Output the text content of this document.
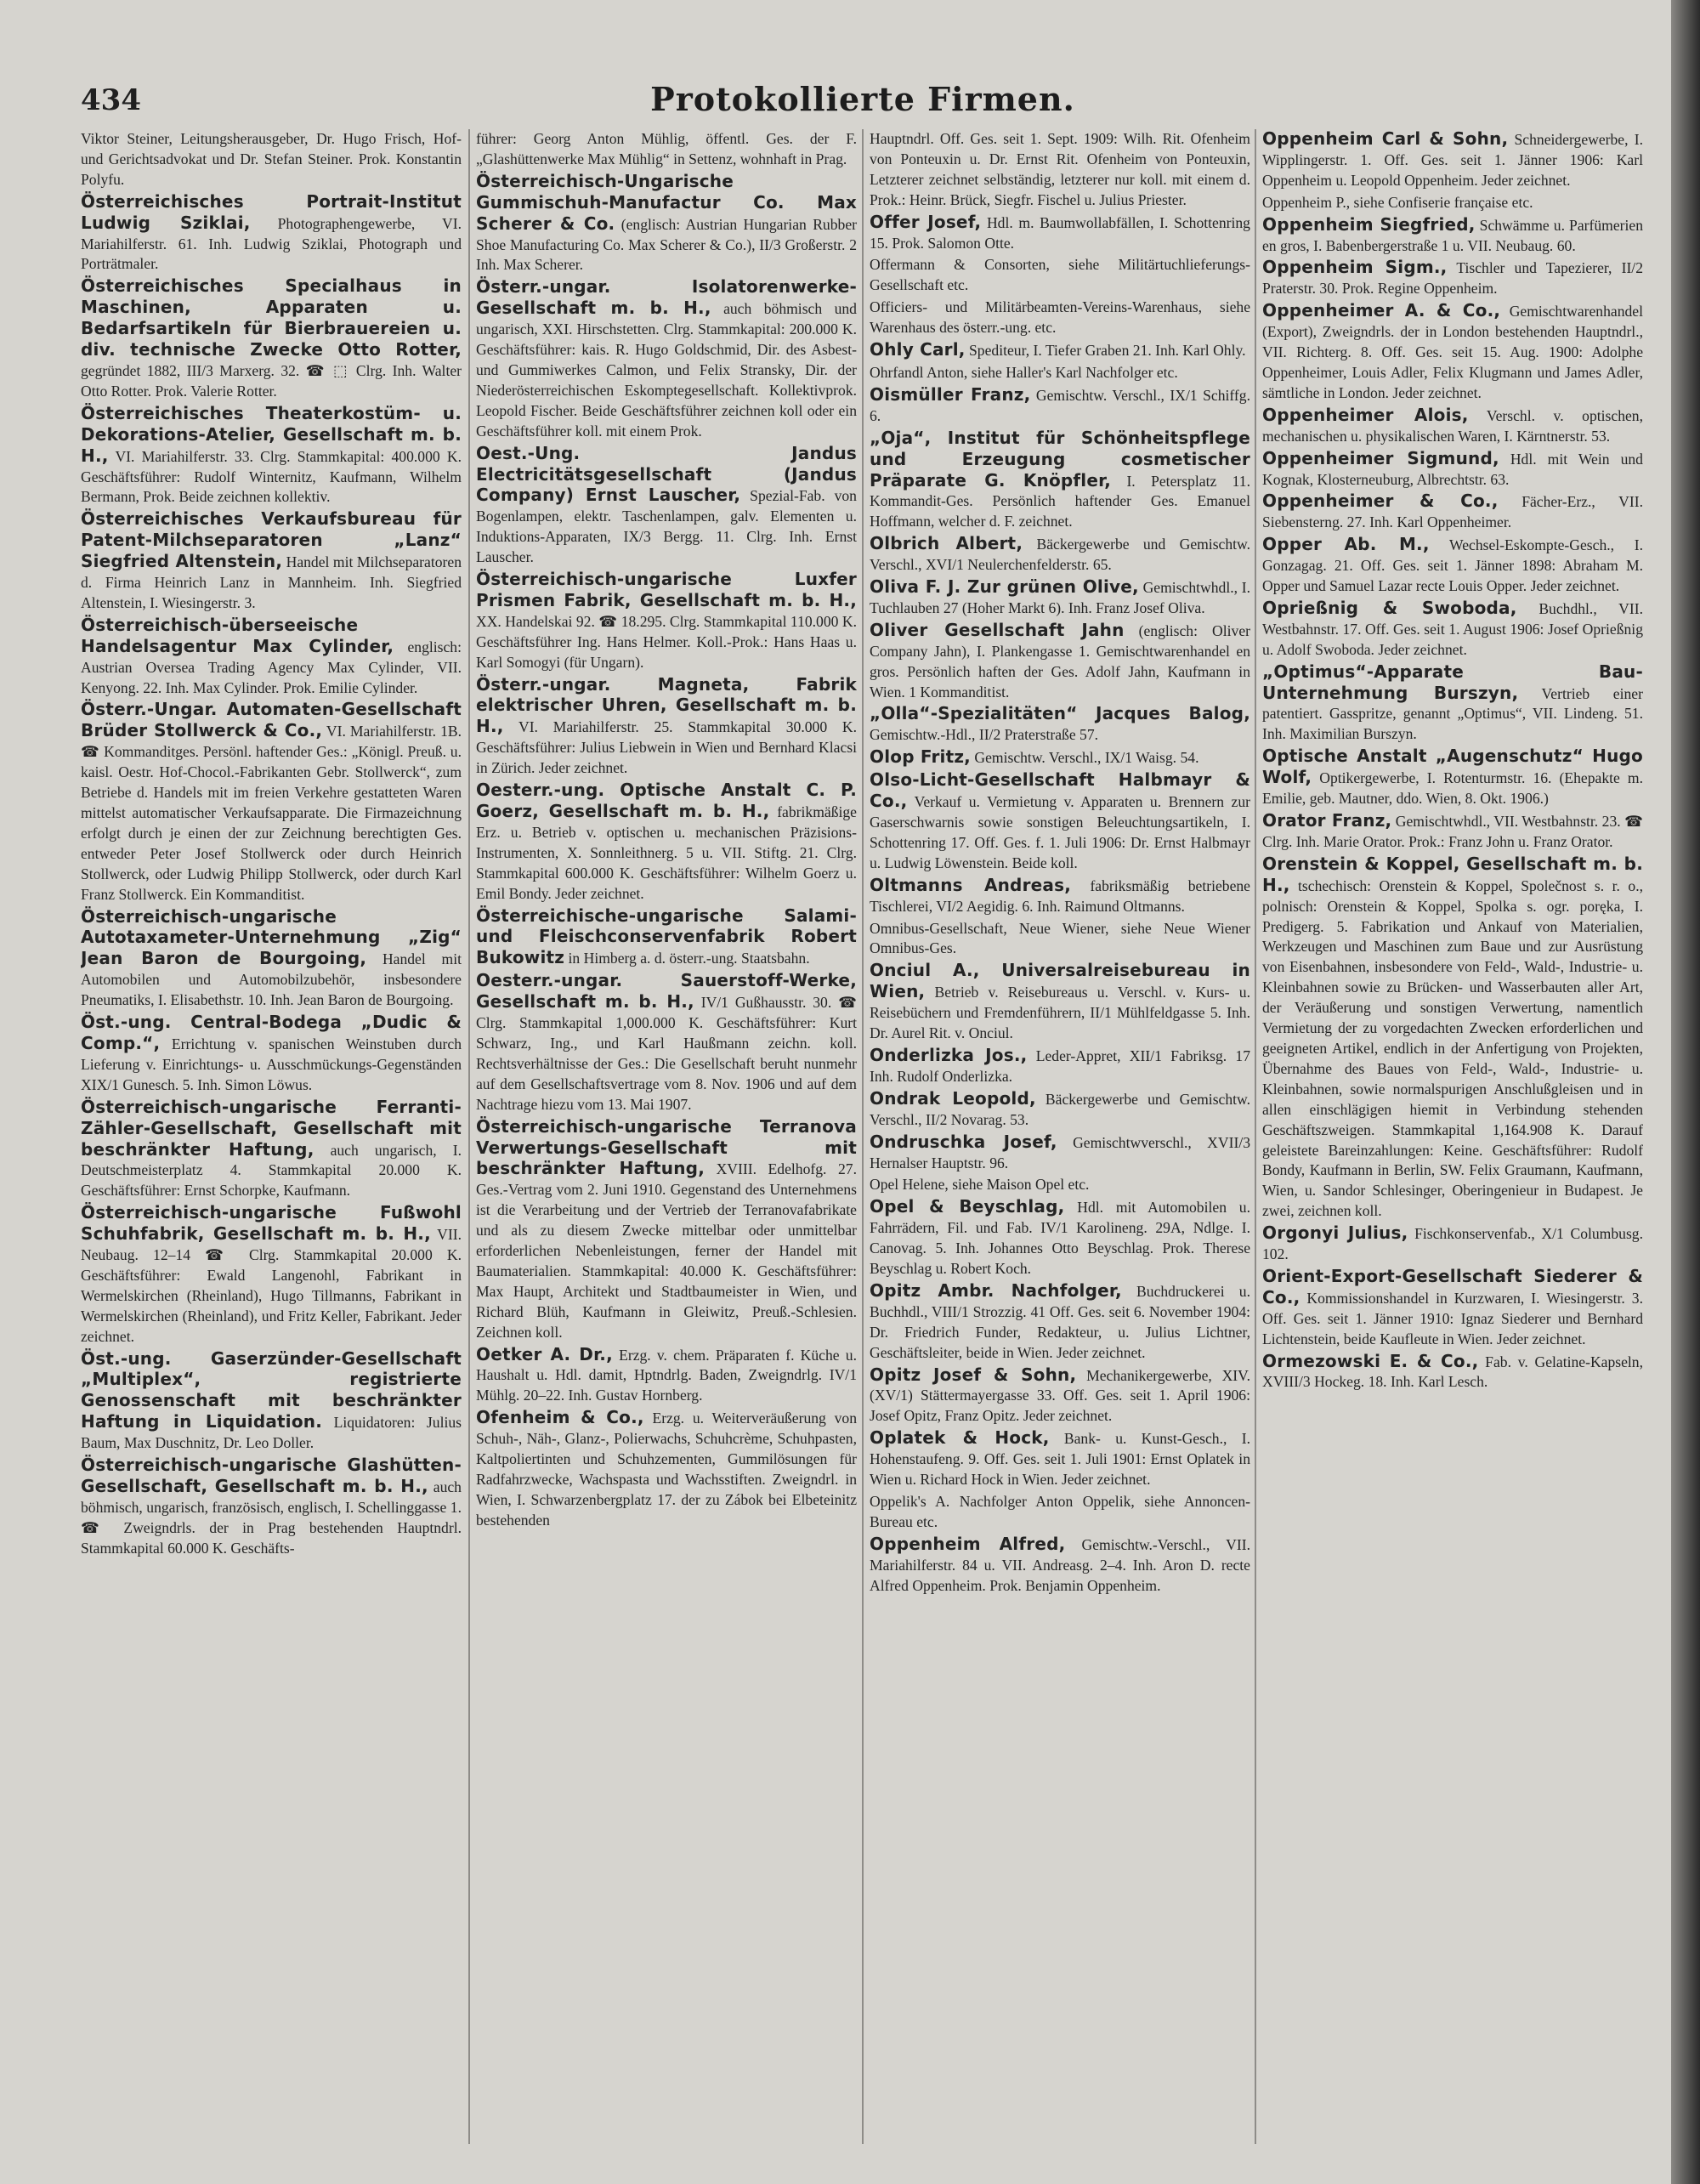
434	Protokollierte Firmen.

Viktor Steiner, Leitungsherausgeber, Dr. Hugo Frisch, Hof- und Gerichtsadvokat und Dr. Stefan Steiner. Prok. Konstantin Polyfu.

Österreichisches Portrait-Institut Ludwig Sziklai, Photographengewerbe, VI. Mariahilferstr. 61. Inh. Ludwig Sziklai, Photograph und Porträtmaler.

Österreichisches Specialhaus in Maschinen, Apparaten u. Bedarfsartikeln für Bierbrauereien u. div. technische Zwecke Otto Rotter, gegründet 1882, III/3 Marxerg. 32. ☎ ⬚ Clrg. Inh. Walter Otto Rotter. Prok. Valerie Rotter.

Österreichisches Theaterkostüm- u. Dekorations-Atelier, Gesellschaft m. b. H., VI. Mariahilferstr. 33. Clrg. Stammkapital: 400.000 K. Geschäftsführer: Rudolf Winternitz, Kaufmann, Wilhelm Bermann, Prok. Beide zeichnen kollektiv.

Österreichisches Verkaufsbureau für Patent-Milchseparatoren „Lanz“ Siegfried Altenstein, Handel mit Milchseparatoren d. Firma Heinrich Lanz in Mannheim. Inh. Siegfried Altenstein, I. Wiesingerstr. 3.

Österreichisch-überseeische Handelsagentur Max Cylinder, englisch: Austrian Oversea Trading Agency Max Cylinder, VII. Kenyong. 22. Inh. Max Cylinder. Prok. Emilie Cylinder.

Österr.-Ungar. Automaten-Gesellschaft Brüder Stollwerck & Co., VI. Mariahilferstr. 1B. ☎ Kommanditges. Persönl. haftender Ges.: „Königl. Preuß. u. kaisl. Oestr. Hof-Chocol.-Fabrikanten Gebr. Stollwerck“, zum Betriebe d. Handels mit im freien Verkehre gestatteten Waren mittelst automatischer Verkaufsapparate. Die Firmazeichnung erfolgt durch je einen der zur Zeichnung berechtigten Ges. entweder Peter Josef Stollwerck oder durch Heinrich Stollwerck, oder Ludwig Philipp Stollwerck, oder durch Karl Franz Stollwerck. Ein Kommanditist.

Österreichisch-ungarische Autotaxameter-Unternehmung „Zig“ Jean Baron de Bourgoing, Handel mit Automobilen und Automobilzubehör, insbesondere Pneumatiks, I. Elisabethstr. 10. Inh. Jean Baron de Bourgoing.

Öst.-ung. Central-Bodega „Dudic & Comp.“, Errichtung v. spanischen Weinstuben durch Lieferung v. Einrichtungs- u. Ausschmückungs-Gegenständen XIX/1 Gunesch. 5. Inh. Simon Löwus.

Österreichisch-ungarische Ferranti-Zähler-Gesellschaft, Gesellschaft mit beschränkter Haftung, auch ungarisch, I. Deutschmeisterplatz 4. Stammkapital 20.000 K. Geschäftsführer: Ernst Schorpke, Kaufmann.

Österreichisch-ungarische Fußwohl Schuhfabrik, Gesellschaft m. b. H., VII. Neubaug. 12–14 ☎ Clrg. Stammkapital 20.000 K. Geschäftsführer: Ewald Langenohl, Fabrikant in Wermelskirchen (Rheinland), Hugo Tillmanns, Fabrikant in Wermelskirchen (Rheinland), und Fritz Keller, Fabrikant. Jeder zeichnet.

Öst.-ung. Gaserzünder-Gesellschaft „Multiplex“, registrierte Genossenschaft mit beschränkter Haftung in Liquidation. Liquidatoren: Julius Baum, Max Duschnitz, Dr. Leo Doller.

Österreichisch-ungarische Glashütten-Gesellschaft, Gesellschaft m. b. H., auch böhmisch, ungarisch, französisch, englisch, I. Schellinggasse 1. ☎ Zweigndrls. der in Prag bestehenden Hauptndrl. Stammkapital 60.000 K. Geschäfts-

führer: Georg Anton Mühlig, öffentl. Ges. der F. „Glashüttenwerke Max Mühlig“ in Settenz, wohnhaft in Prag.

Österreichisch-Ungarische Gummischuh-Manufactur Co. Max Scherer & Co. (englisch: Austrian Hungarian Rubber Shoe Manufacturing Co. Max Scherer & Co.), II/3 Großerstr. 2 Inh. Max Scherer.

Österr.-ungar. Isolatorenwerke-Gesellschaft m. b. H., auch böhmisch und ungarisch, XXI. Hirschstetten. Clrg. Stammkapital: 200.000 K. Geschäftsführer: kais. R. Hugo Goldschmid, Dir. des Asbest- und Gummiwerkes Calmon, und Felix Stransky, Dir. der Niederösterreichischen Eskomptegesellschaft. Kollektivprok. Leopold Fischer. Beide Geschäftsführer zeichnen koll oder ein Geschäftsführer koll. mit einem Prok.

Oest.-Ung. Jandus Electricitätsgesellschaft (Jandus Company) Ernst Lauscher, Spezial-Fab. von Bogenlampen, elektr. Taschenlampen, galv. Elementen u. Induktions-Apparaten, IX/3 Bergg. 11. Clrg. Inh. Ernst Lauscher.

Österreichisch-ungarische Luxfer Prismen Fabrik, Gesellschaft m. b. H., XX. Handelskai 92. ☎ 18.295. Clrg. Stammkapital 110.000 K. Geschäftsführer Ing. Hans Helmer. Koll.-Prok.: Hans Haas u. Karl Somogyi (für Ungarn).

Österr.-ungar. Magneta, Fabrik elektrischer Uhren, Gesellschaft m. b. H., VI. Mariahilferstr. 25. Stammkapital 30.000 K. Geschäftsführer: Julius Liebwein in Wien und Bernhard Klacsi in Zürich. Jeder zeichnet.

Oesterr.-ung. Optische Anstalt C. P. Goerz, Gesellschaft m. b. H., fabrikmäßige Erz. u. Betrieb v. optischen u. mechanischen Präzisions-Instrumenten, X. Sonnleithnerg. 5 u. VII. Stiftg. 21. Clrg. Stammkapital 600.000 K. Geschäftsführer: Wilhelm Goerz u. Emil Bondy. Jeder zeichnet.

Österreichische-ungarische Salami- und Fleischconservenfabrik Robert Bukowitz in Himberg a. d. österr.-ung. Staatsbahn.

Oesterr.-ungar. Sauerstoff-Werke, Gesellschaft m. b. H., IV/1 Gußhausstr. 30. ☎ Clrg. Stammkapital 1,000.000 K. Geschäftsführer: Kurt Schwarz, Ing., und Karl Haußmann zeichn. koll. Rechtsverhältnisse der Ges.: Die Gesellschaft beruht nunmehr auf dem Gesellschaftsvertrage vom 8. Nov. 1906 und auf dem Nachtrage hiezu vom 13. Mai 1907.

Österreichisch-ungarische Terranova Verwertungs-Gesellschaft mit beschränkter Haftung, XVIII. Edelhofg. 27. Ges.-Vertrag vom 2. Juni 1910. Gegenstand des Unternehmens ist die Verarbeitung und der Vertrieb der Terranovafabrikate und als zu diesem Zwecke mittelbar oder unmittelbar erforderlichen Nebenleistungen, ferner der Handel mit Baumaterialien. Stammkapital: 40.000 K. Geschäftsführer: Max Haupt, Architekt und Stadtbaumeister in Wien, und Richard Blüh, Kaufmann in Gleiwitz, Preuß.-Schlesien. Zeichnen koll.

Oetker A. Dr., Erzg. v. chem. Präparaten f. Küche u. Haushalt u. Hdl. damit, Hptndrlg. Baden, Zweigndrlg. IV/1 Mühlg. 20–22. Inh. Gustav Hornberg.

Ofenheim & Co., Erzg. u. Weiterveräußerung von Schuh-, Näh-, Glanz-, Polierwachs, Schuhcrème, Schuhpasten, Kaltpoliertinten und Schuhzementen, Gummilösungen für Radfahrzwecke, Wachspasta und Wachsstiften. Zweigndrl. in Wien, I. Schwarzenbergplatz 17. der zu Zábok bei Elbeteinitz bestehenden

Hauptndrl. Off. Ges. seit 1. Sept. 1909: Wilh. Rit. Ofenheim von Ponteuxin u. Dr. Ernst Rit. Ofenheim von Ponteuxin, Letzterer zeichnet selbständig, letzterer nur koll. mit einem d. Prok.: Heinr. Brück, Siegfr. Fischel u. Julius Priester.

Offer Josef, Hdl. m. Baumwollabfällen, I. Schottenring 15. Prok. Salomon Otte.

Offermann & Consorten, siehe Militärtuchlieferungs-Gesellschaft etc.

Officiers- und Militärbeamten-Vereins-Warenhaus, siehe Warenhaus des österr.-ung. etc.

Ohly Carl, Spediteur, I. Tiefer Graben 21. Inh. Karl Ohly.

Ohrfandl Anton, siehe Haller's Karl Nachfolger etc.

Oismüller Franz, Gemischtw. Verschl., IX/1 Schiffg. 6.

„Oja“, Institut für Schönheitspflege und Erzeugung cosmetischer Präparate G. Knöpfler, I. Petersplatz 11. Kommandit-Ges. Persönlich haftender Ges. Emanuel Hoffmann, welcher d. F. zeichnet.

Olbrich Albert, Bäckergewerbe und Gemischtw. Verschl., XVI/1 Neulerchenfelderstr. 65.

Oliva F. J. Zur grünen Olive, Gemischtwhdl., I. Tuchlauben 27 (Hoher Markt 6). Inh. Franz Josef Oliva.

Oliver Gesellschaft Jahn (englisch: Oliver Company Jahn), I. Plankengasse 1. Gemischtwarenhandel en gros. Persönlich haften der Ges. Adolf Jahn, Kaufmann in Wien. 1 Kommanditist.

„Olla“-Spezialitäten“ Jacques Balog, Gemischtw.-Hdl., II/2 Praterstraße 57.

Olop Fritz, Gemischtw. Verschl., IX/1 Waisg. 54.

Olso-Licht-Gesellschaft Halbmayr & Co., Verkauf u. Vermietung v. Apparaten u. Brennern zur Gaserschwarnis sowie sonstigen Beleuchtungsartikeln, I. Schottenring 17. Off. Ges. f. 1. Juli 1906: Dr. Ernst Halbmayr u. Ludwig Löwenstein. Beide koll.

Oltmanns Andreas, fabriksmäßig betriebene Tischlerei, VI/2 Aegidig. 6. Inh. Raimund Oltmanns.

Omnibus-Gesellschaft, Neue Wiener, siehe Neue Wiener Omnibus-Ges.

Onciul A., Universalreisebureau in Wien, Betrieb v. Reisebureaus u. Verschl. v. Kurs- u. Reisebüchern und Fremdenführern, II/1 Mühlfeldgasse 5. Inh. Dr. Aurel Rit. v. Onciul.

Onderlizka Jos., Leder-Appret, XII/1 Fabriksg. 17 Inh. Rudolf Onderlizka.

Ondrak Leopold, Bäckergewerbe und Gemischtw. Verschl., II/2 Novarag. 53.

Ondruschka Josef, Gemischtwverschl., XVII/3 Hernalser Hauptstr. 96.

Opel Helene, siehe Maison Opel etc.

Opel & Beyschlag, Hdl. mit Automobilen u. Fahrrädern, Fil. und Fab. IV/1 Karolineng. 29A, Ndlge. I. Canovag. 5. Inh. Johannes Otto Beyschlag. Prok. Therese Beyschlag u. Robert Koch.

Opitz Ambr. Nachfolger, Buchdruckerei u. Buchhdl., VIII/1 Strozzig. 41 Off. Ges. seit 6. November 1904: Dr. Friedrich Funder, Redakteur, u. Julius Lichtner, Geschäftsleiter, beide in Wien. Jeder zeichnet.

Opitz Josef & Sohn, Mechanikergewerbe, XIV. (XV/1) Stättermayergasse 33. Off. Ges. seit 1. April 1906: Josef Opitz, Franz Opitz. Jeder zeichnet.

Oplatek & Hock, Bank- u. Kunst-Gesch., I. Hohenstaufeng. 9. Off. Ges. seit 1. Juli 1901: Ernst Oplatek in Wien u. Richard Hock in Wien. Jeder zeichnet.

Oppelik's A. Nachfolger Anton Oppelik, siehe Annoncen-Bureau etc.

Oppenheim Alfred, Gemischtw.-Verschl., VII. Mariahilferstr. 84 u. VII. Andreasg. 2–4. Inh. Aron D. recte Alfred Oppenheim. Prok. Benjamin Oppenheim.

Oppenheim Carl & Sohn, Schneidergewerbe, I. Wipplingerstr. 1. Off. Ges. seit 1. Jänner 1906: Karl Oppenheim u. Leopold Oppenheim. Jeder zeichnet.

Oppenheim P., siehe Confiserie française etc.

Oppenheim Siegfried, Schwämme u. Parfümerien en gros, I. Babenbergerstraße 1 u. VII. Neubaug. 60.

Oppenheim Sigm., Tischler und Tapezierer, II/2 Praterstr. 30. Prok. Regine Oppenheim.

Oppenheimer A. & Co., Gemischtwarenhandel (Export), Zweigndrls. der in London bestehenden Hauptndrl., VII. Richterg. 8. Off. Ges. seit 15. Aug. 1900: Adolphe Oppenheimer, Louis Adler, Felix Klugmann und James Adler, sämtliche in London. Jeder zeichnet.

Oppenheimer Alois, Verschl. v. optischen, mechanischen u. physikalischen Waren, I. Kärntnerstr. 53.

Oppenheimer Sigmund, Hdl. mit Wein und Kognak, Klosterneuburg, Albrechtstr. 63.

Oppenheimer & Co., Fächer-Erz., VII. Siebensterng. 27. Inh. Karl Oppenheimer.

Opper Ab. M., Wechsel-Eskompte-Gesch., I. Gonzagag. 21. Off. Ges. seit 1. Jänner 1898: Abraham M. Opper und Samuel Lazar recte Louis Opper. Jeder zeichnet.

Oprießnig & Swoboda, Buchdhl., VII. Westbahnstr. 17. Off. Ges. seit 1. August 1906: Josef Oprießnig u. Adolf Swoboda. Jeder zeichnet.

„Optimus“-Apparate Bau-Unternehmung Burszyn, Vertrieb einer patentiert. Gasspritze, genannt „Optimus“, VII. Lindeng. 51. Inh. Maximilian Burszyn.

Optische Anstalt „Augenschutz“ Hugo Wolf, Optikergewerbe, I. Rotenturmstr. 16. (Ehepakte m. Emilie, geb. Mautner, ddo. Wien, 8. Okt. 1906.)

Orator Franz, Gemischtwhdl., VII. Westbahnstr. 23. ☎ Clrg. Inh. Marie Orator. Prok.: Franz John u. Franz Orator.

Orenstein & Koppel, Gesellschaft m. b. H., tschechisch: Orenstein & Koppel, Společnost s. r. o., polnisch: Orenstein & Koppel, Spolka s. ogr. poręka, I. Predigerg. 5. Fabrikation und Ankauf von Materialien, Werkzeugen und Maschinen zum Baue und zur Ausrüstung von Eisenbahnen, insbesondere von Feld-, Wald-, Industrie- u. Kleinbahnen sowie zu Brücken- und Wasserbauten aller Art, der Veräußerung und sonstigen Verwertung, namentlich Vermietung der zu vorgedachten Zwecken erforderlichen und geeigneten Artikel, endlich in der Anfertigung von Projekten, Übernahme des Baues von Feld-, Wald-, Industrie- u. Kleinbahnen, sowie normalspurigen Anschlußgleisen und in allen einschlägigen hiemit in Verbindung stehenden Geschäftszweigen. Stammkapital 1,164.908 K. Darauf geleistete Bareinzahlungen: Keine. Geschäftsführer: Rudolf Bondy, Kaufmann in Berlin, SW. Felix Graumann, Kaufmann, Wien, u. Sandor Schlesinger, Oberingenieur in Budapest. Je zwei, zeichnen koll.

Orgonyi Julius, Fischkonservenfab., X/1 Columbusg. 102.

Orient-Export-Gesellschaft Siederer & Co., Kommissionshandel in Kurzwaren, I. Wiesingerstr. 3. Off. Ges. seit 1. Jänner 1910: Ignaz Siederer und Bernhard Lichtenstein, beide Kaufleute in Wien. Jeder zeichnet.

Ormezowski E. & Co., Fab. v. Gelatine-Kapseln, XVIII/3 Hockeg. 18. Inh. Karl Lesch.
